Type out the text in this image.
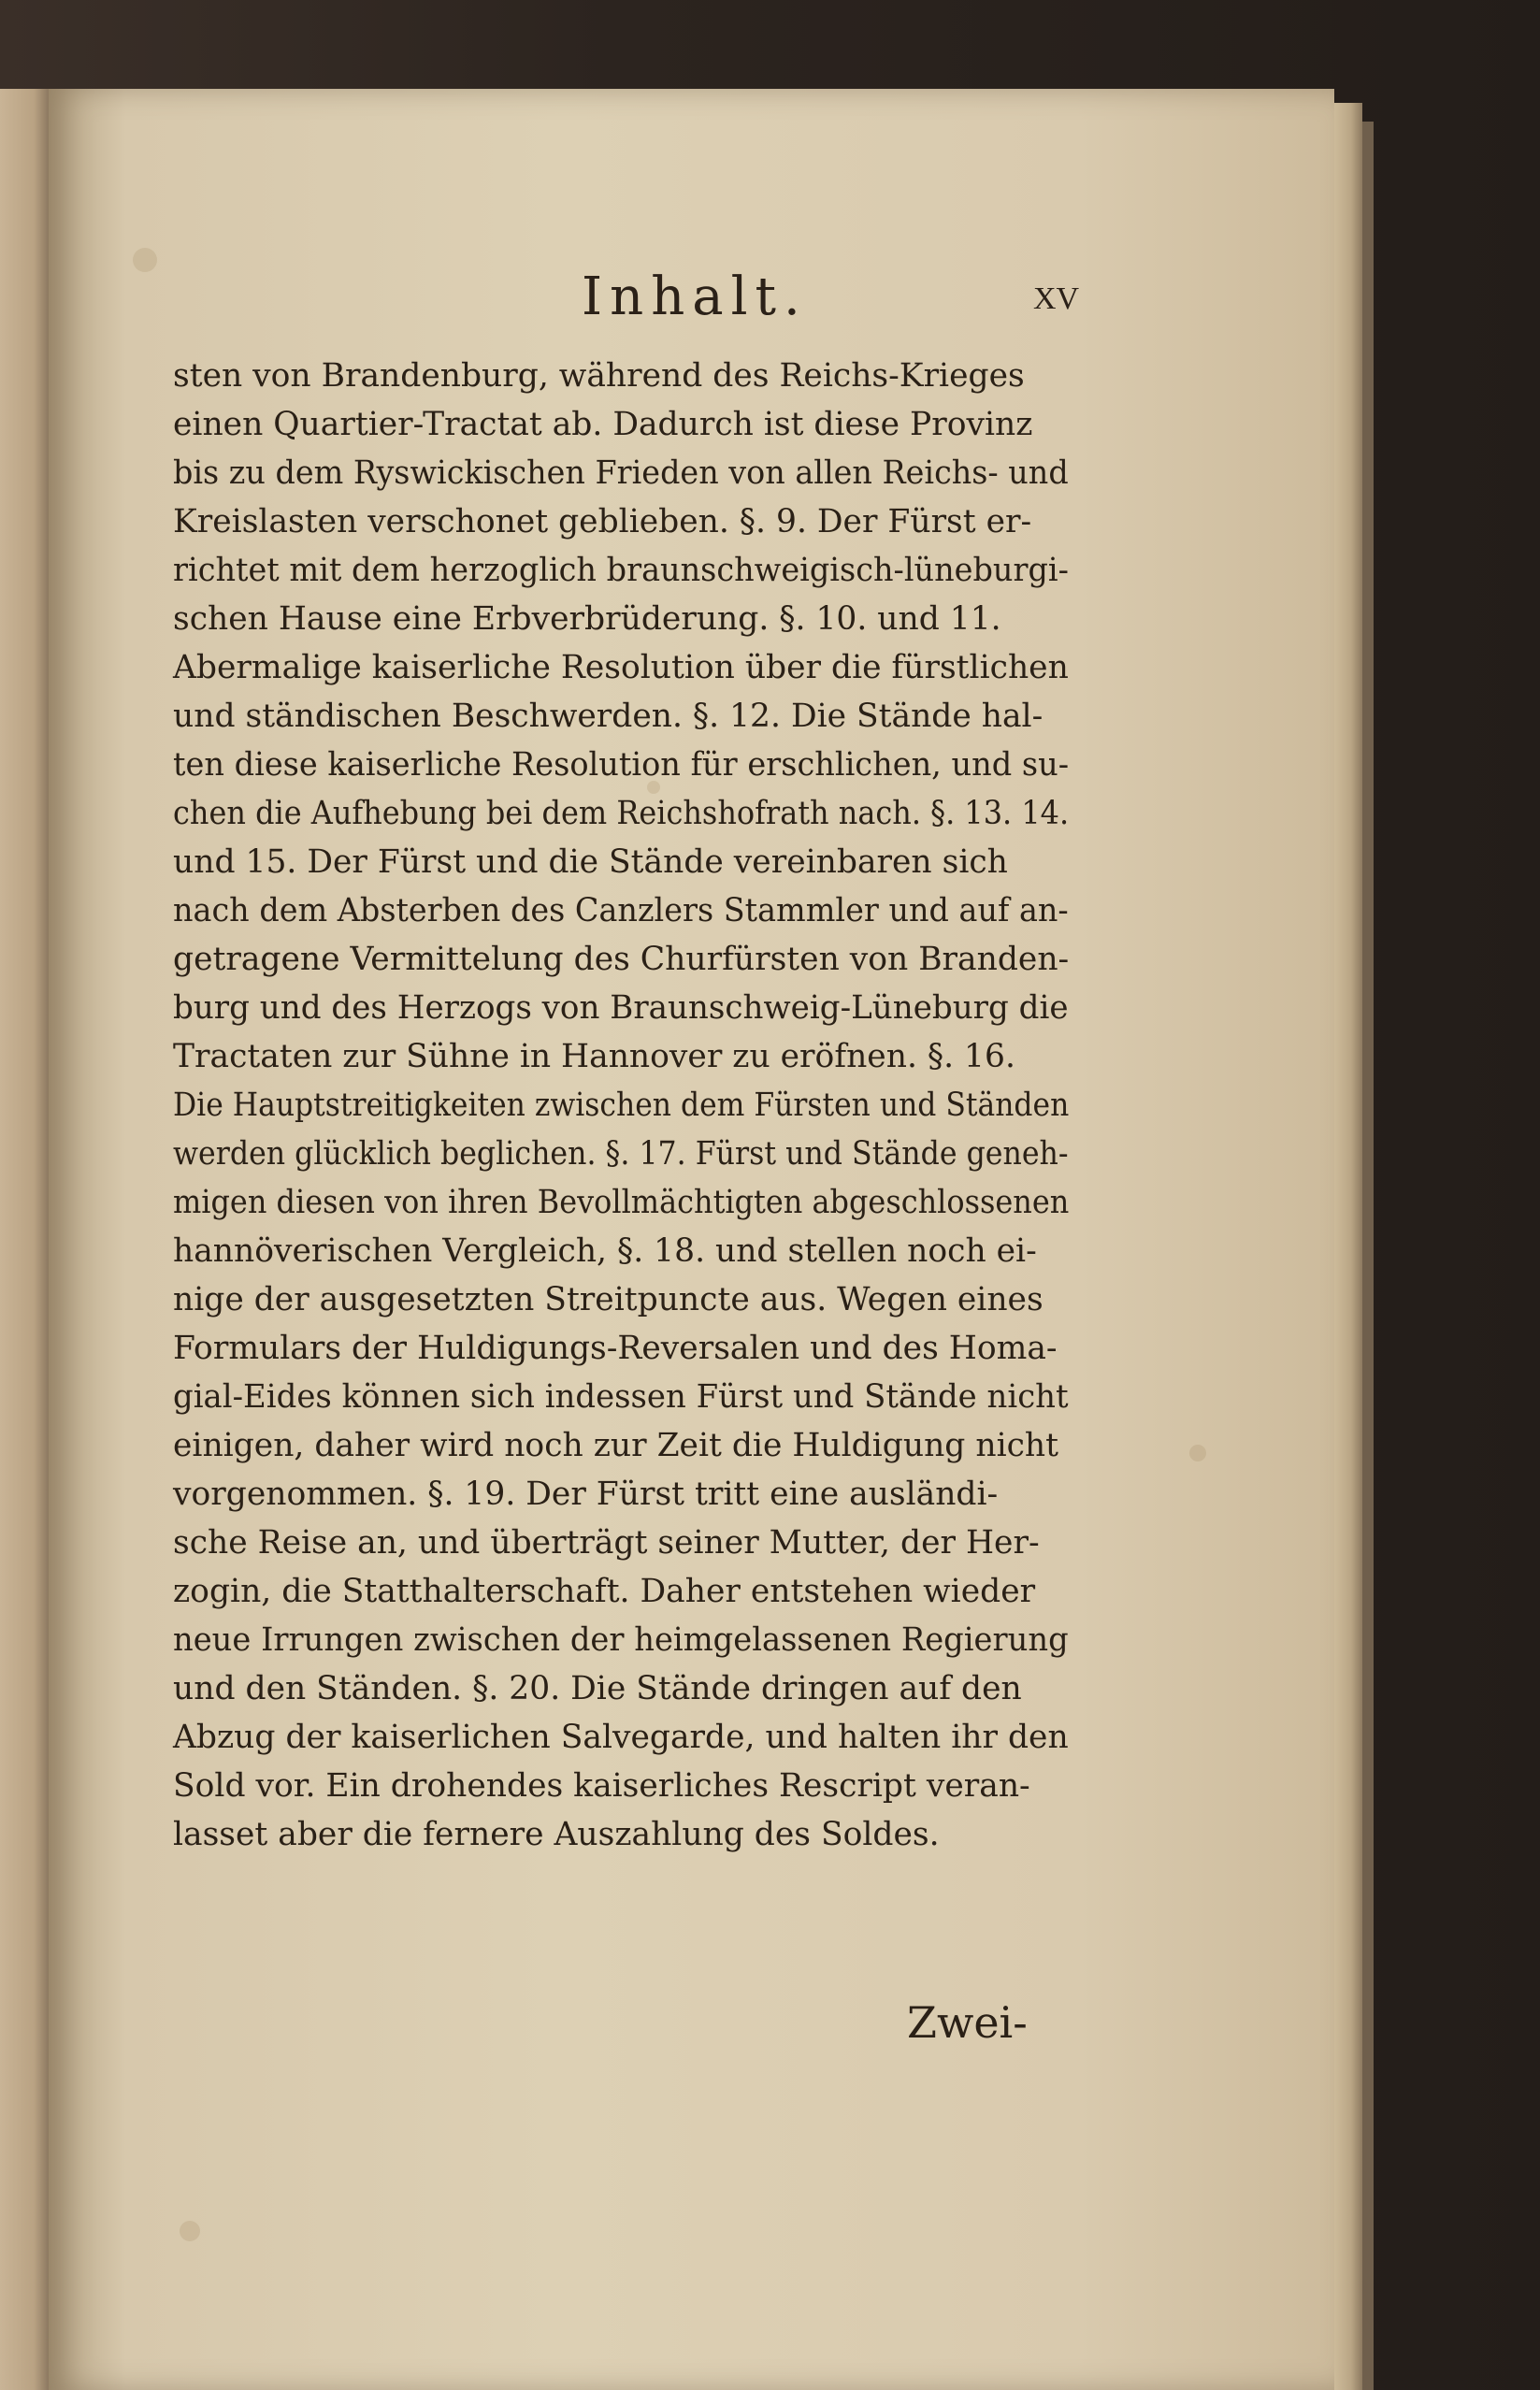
Inhalt.	XV
sten von Brandenburg, während des Reichs-Krieges
einen Quartier-Tractat ab. Dadurch ist diese Provinz
bis zu dem Ryswickischen Frieden von allen Reichs- und
Kreislasten verschonet geblieben. §. 9. Der Fürst er-
richtet mit dem herzoglich braunschweigisch-lüneburgi-
schen Hause eine Erbverbrüderung. §. 10. und 11.
Abermalige kaiserliche Resolution über die fürstlichen
und ständischen Beschwerden. §. 12. Die Stände hal-
ten diese kaiserliche Resolution für erschlichen, und su-
chen die Aufhebung bei dem Reichshofrath nach. §. 13. 14.
und 15. Der Fürst und die Stände vereinbaren sich
nach dem Absterben des Canzlers Stammler und auf an-
getragene Vermittelung des Churfürsten von Branden-
burg und des Herzogs von Braunschweig-Lüneburg die
Tractaten zur Sühne in Hannover zu eröfnen. §. 16.
Die Hauptstreitigkeiten zwischen dem Fürsten und Ständen
werden glücklich beglichen. §. 17. Fürst und Stände geneh-
migen diesen von ihren Bevollmächtigten abgeschlossenen
hannöverischen Vergleich, §. 18. und stellen noch ei-
nige der ausgesetzten Streitpuncte aus. Wegen eines
Formulars der Huldigungs-Reversalen und des Homa-
gial-Eides können sich indessen Fürst und Stände nicht
einigen, daher wird noch zur Zeit die Huldigung nicht
vorgenommen. §. 19. Der Fürst tritt eine ausländi-
sche Reise an, und überträgt seiner Mutter, der Her-
zogin, die Statthalterschaft. Daher entstehen wieder
neue Irrungen zwischen der heimgelassenen Regierung
und den Ständen. §. 20. Die Stände dringen auf den
Abzug der kaiserlichen Salvegarde, und halten ihr den
Sold vor. Ein drohendes kaiserliches Rescript veran-
lasset aber die fernere Auszahlung des Soldes.
Zwei-
